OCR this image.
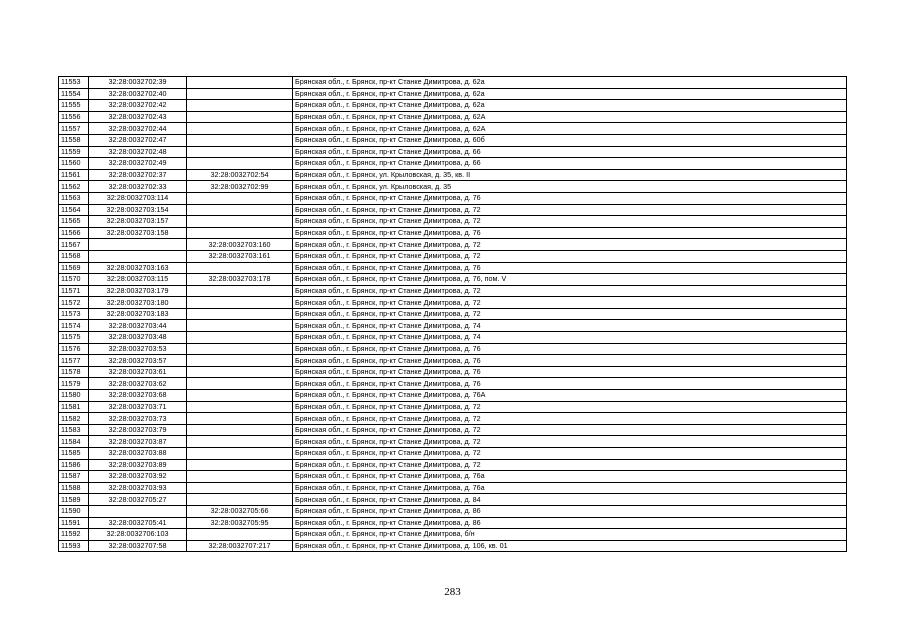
11553	32:28:0032702:39		Брянская обл., г. Брянск, пр-кт Станке Димитрова, д. 62а
11554	32:28:0032702:40		Брянская обл., г. Брянск, пр-кт Станке Димитрова, д. 62а
11555	32:28:0032702:42		Брянская обл., г. Брянск, пр-кт Станке Димитрова, д. 62а
11556	32:28:0032702:43		Брянская обл., г. Брянск, пр-кт Станке Димитрова, д. 62А
11557	32:28:0032702:44		Брянская обл., г. Брянск, пр-кт Станке Димитрова, д. 62А
11558	32:28:0032702:47		Брянская обл., г. Брянск, пр-кт Станке Димитрова, д. 60б
11559	32:28:0032702:48		Брянская обл., г. Брянск, пр-кт Станке Димитрова, д. 66
11560	32:28:0032702:49		Брянская обл., г. Брянск, пр-кт Станке Димитрова, д. 66
11561	32:28:0032702:37	32:28:0032702:54	Брянская обл., г. Брянск, ул. Крыловская, д. 35, кв. II
11562	32:28:0032702:33	32:28:0032702:99	Брянская обл., г. Брянск, ул. Крыловская, д. 35
11563	32:28:0032703:114		Брянская обл., г. Брянск, пр-кт Станке Димитрова, д. 76
11564	32:28:0032703:154		Брянская обл., г. Брянск, пр-кт Станке Димитрова, д. 72
11565	32:28:0032703:157		Брянская обл., г. Брянск, пр-кт Станке Димитрова, д. 72
11566	32:28:0032703:158		Брянская обл., г. Брянск, пр-кт Станке Димитрова, д. 76
11567		32:28:0032703:160	Брянская обл., г. Брянск, пр-кт Станке Димитрова, д. 72
11568		32:28:0032703:161	Брянская обл., г. Брянск, пр-кт Станке Димитрова, д. 72
11569	32:28:0032703:163		Брянская обл., г. Брянск, пр-кт Станке Димитрова, д. 76
11570	32:28:0032703:115	32:28:0032703:178	Брянская обл., г. Брянск, пр-кт Станке Димитрова, д. 76, пом. V
11571	32:28:0032703:179		Брянская обл., г. Брянск, пр-кт Станке Димитрова, д. 72
11572	32:28:0032703:180		Брянская обл., г. Брянск, пр-кт Станке Димитрова, д. 72
11573	32:28:0032703:183		Брянская обл., г. Брянск, пр-кт Станке Димитрова, д. 72
11574	32:28:0032703:44		Брянская обл., г. Брянск, пр-кт Станке Димитрова, д. 74
11575	32:28:0032703:48		Брянская обл., г. Брянск, пр-кт Станке Димитрова, д. 74
11576	32:28:0032703:53		Брянская обл., г. Брянск, пр-кт Станке Димитрова, д. 76
11577	32:28:0032703:57		Брянская обл., г. Брянск, пр-кт Станке Димитрова, д. 76
11578	32:28:0032703:61		Брянская обл., г. Брянск, пр-кт Станке Димитрова, д. 76
11579	32:28:0032703:62		Брянская обл., г. Брянск, пр-кт Станке Димитрова, д. 76
11580	32:28:0032703:68		Брянская обл., г. Брянск, пр-кт Станке Димитрова, д. 76А
11581	32:28:0032703:71		Брянская обл., г. Брянск, пр-кт Станке Димитрова, д. 72
11582	32:28:0032703:73		Брянская обл., г. Брянск, пр-кт Станке Димитрова, д. 72
11583	32:28:0032703:79		Брянская обл., г. Брянск, пр-кт Станке Димитрова, д. 72
11584	32:28:0032703:87		Брянская обл., г. Брянск, пр-кт Станке Димитрова, д. 72
11585	32:28:0032703:88		Брянская обл., г. Брянск, пр-кт Станке Димитрова, д. 72
11586	32:28:0032703:89		Брянская обл., г. Брянск, пр-кт Станке Димитрова, д. 72
11587	32:28:0032703:92		Брянская обл., г. Брянск, пр-кт Станке Димитрова, д. 76а
11588	32:28:0032703:93		Брянская обл., г. Брянск, пр-кт Станке Димитрова, д. 76а
11589	32:28:0032705:27		Брянская обл., г. Брянск, пр-кт Станке Димитрова, д. 84
11590		32:28:0032705:66	Брянская обл., г. Брянск, пр-кт Станке Димитрова, д. 86
11591	32:28:0032705:41	32:28:0032705:95	Брянская обл., г. Брянск, пр-кт Станке Димитрова, д. 86
11592	32:28:0032706:103		Брянская обл., г. Брянск, пр-кт Станке Димитрова, б/н
11593	32:28:0032707:58	32:28:0032707:217	Брянская обл., г. Брянск, пр-кт Станке Димитрова, д. 106, кв. 01
283
